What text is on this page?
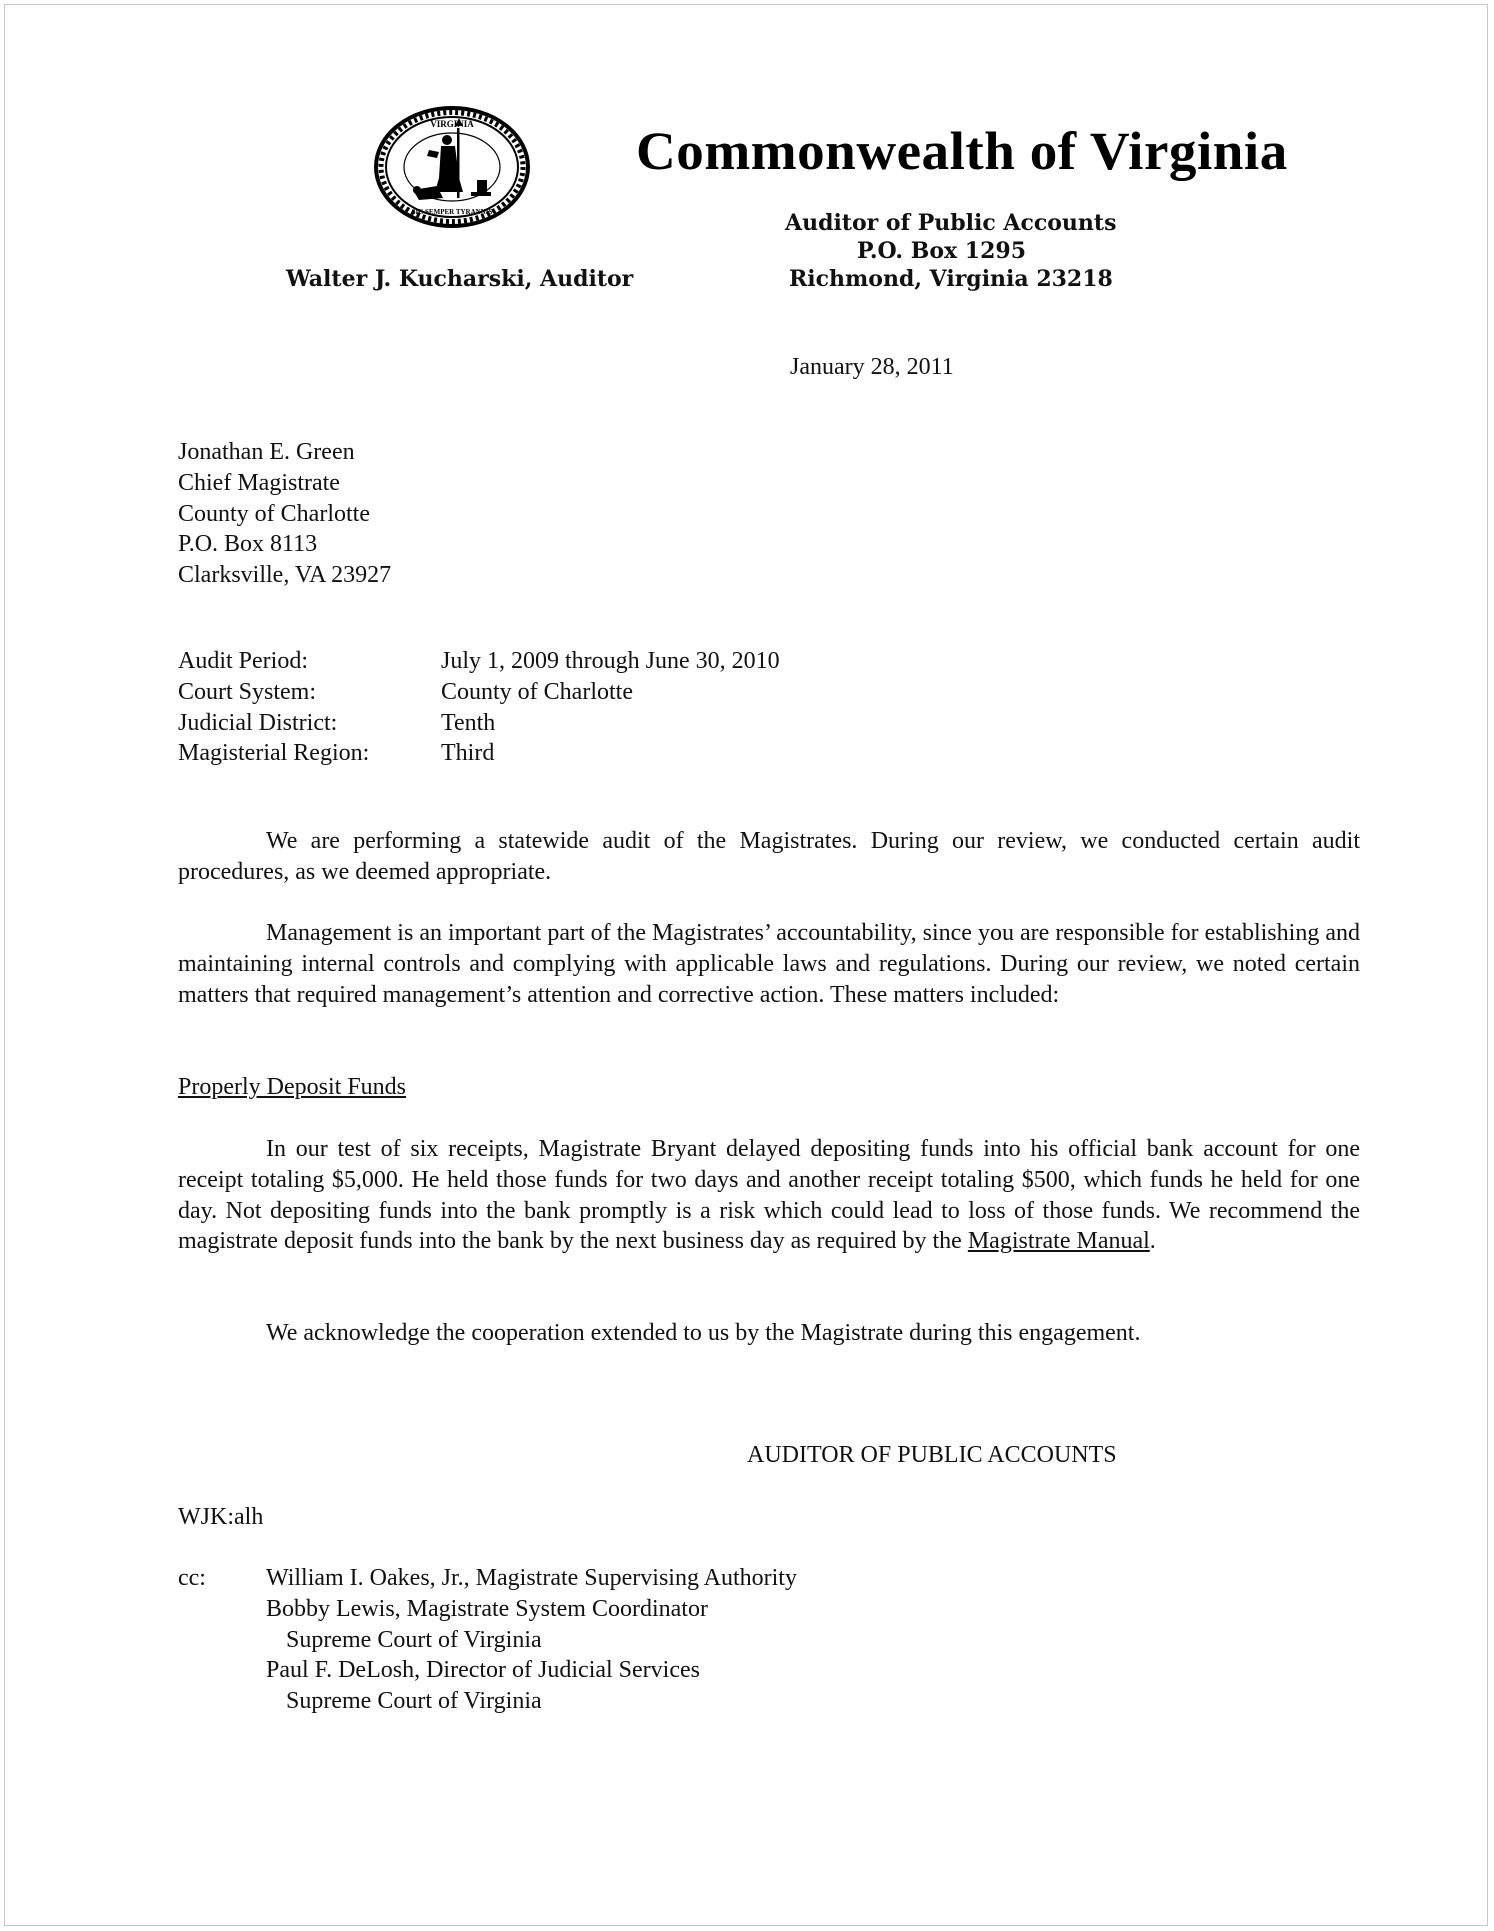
VIRGINIA
SIC SEMPER TYRANNIS
Commonwealth of Virginia
Auditor of Public Accounts
P.O. Box 1295
Richmond, Virginia 23218
Walter J. Kucharski, Auditor
January 28, 2011
Jonathan E. Green
Chief Magistrate
County of Charlotte
P.O. Box 8113
Clarksville, VA 23927
Audit Period:	July 1, 2009 through June 30, 2010
Court System:	County of Charlotte
Judicial District:	Tenth
Magisterial Region:	Third
We are performing a statewide audit of the Magistrates. During our review, we conducted certain audit procedures, as we deemed appropriate.
Management is an important part of the Magistrates’ accountability, since you are responsible for establishing and maintaining internal controls and complying with applicable laws and regulations. During our review, we noted certain matters that required management’s attention and corrective action. These matters included:
Properly Deposit Funds
In our test of six receipts, Magistrate Bryant delayed depositing funds into his official bank account for one receipt totaling $5,000. He held those funds for two days and another receipt totaling $500, which funds he held for one day. Not depositing funds into the bank promptly is a risk which could lead to loss of those funds. We recommend the magistrate deposit funds into the bank by the next business day as required by the Magistrate Manual.
We acknowledge the cooperation extended to us by the Magistrate during this engagement.
AUDITOR OF PUBLIC ACCOUNTS
WJK:alh
cc:	William I. Oakes, Jr., Magistrate Supervising Authority
Bobby Lewis, Magistrate System Coordinator
Supreme Court of Virginia
Paul F. DeLosh, Director of Judicial Services
Supreme Court of Virginia
